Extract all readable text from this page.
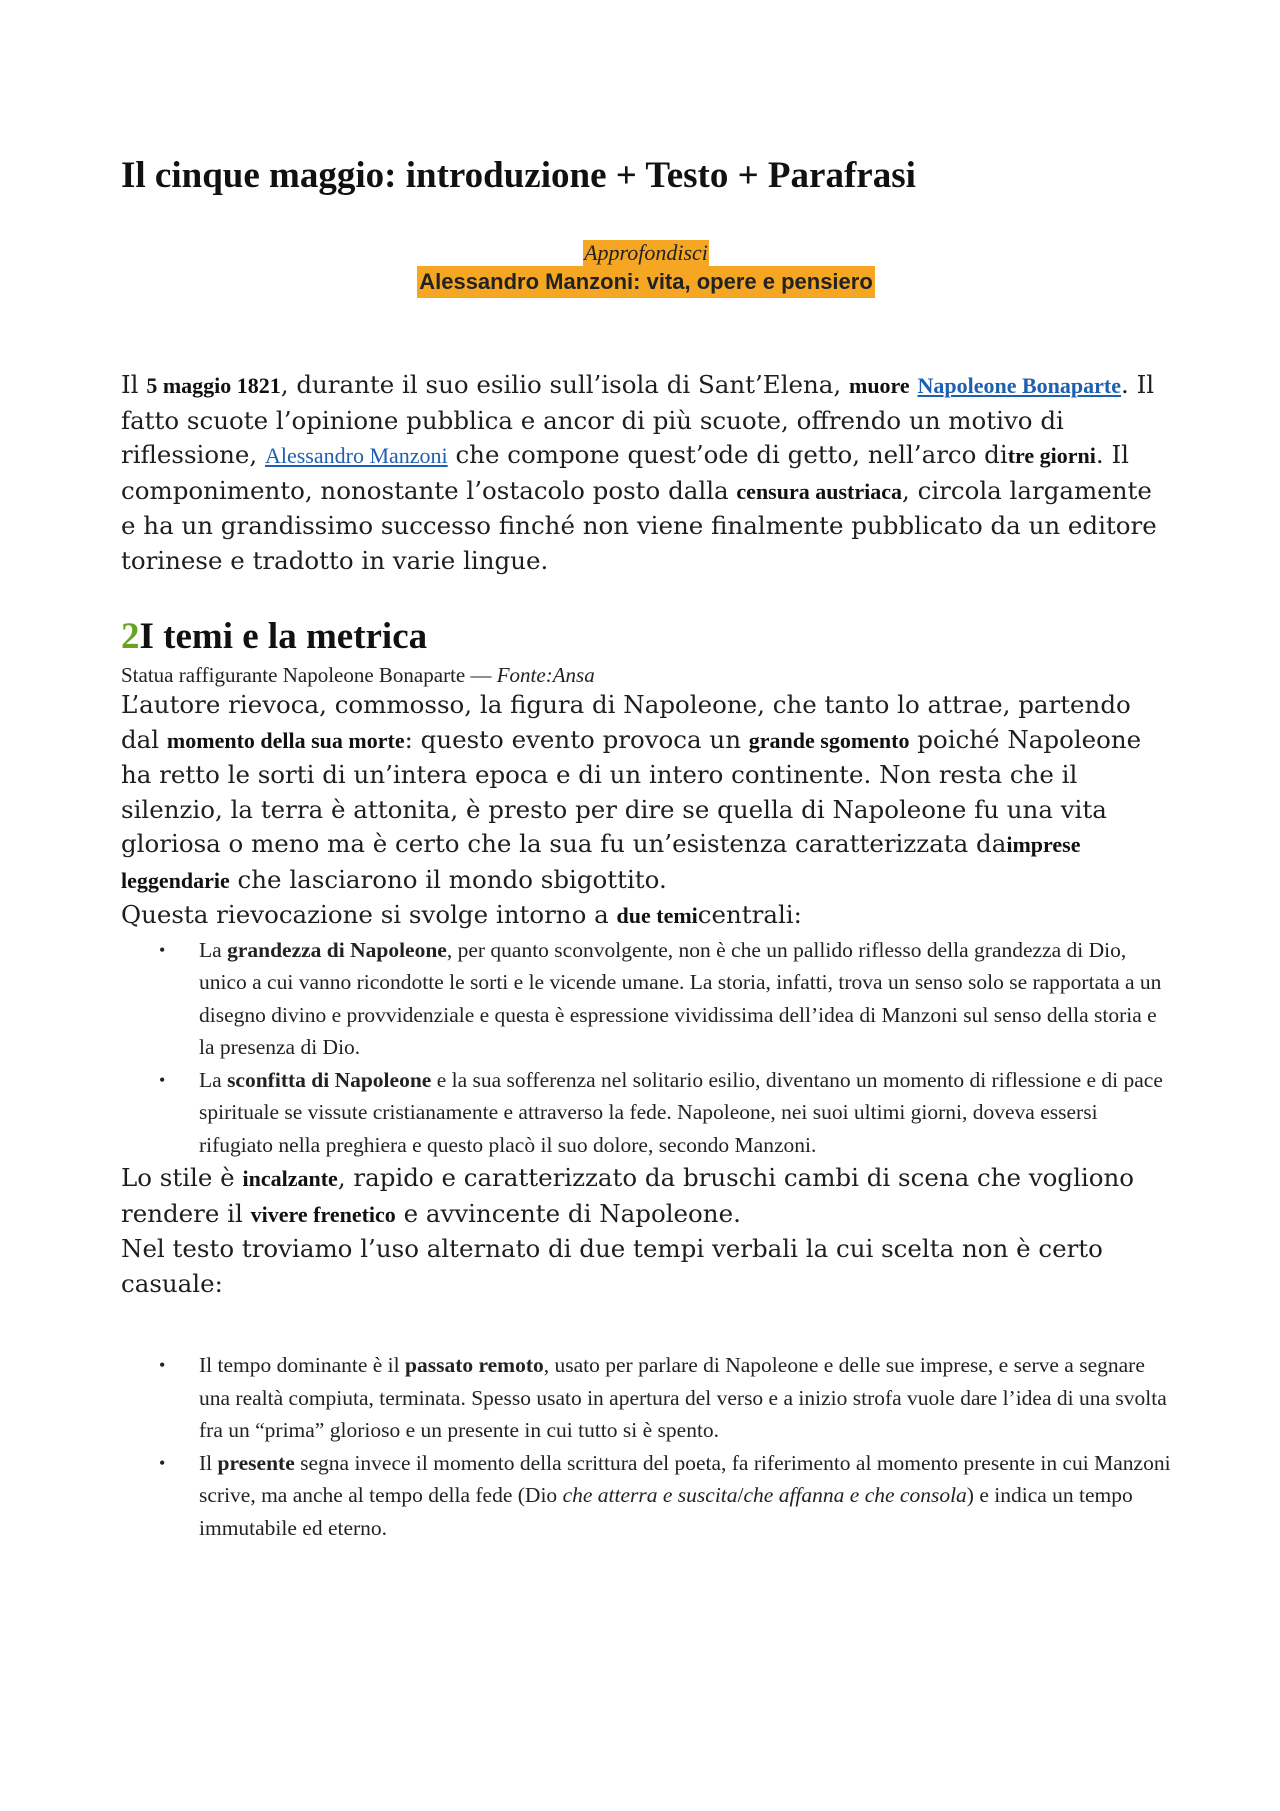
Il cinque maggio: introduzione + Testo + Parafrasi
Approfondisci
Alessandro Manzoni: vita, opere e pensiero

Il 5 maggio 1821, durante il suo esilio sull’isola di Sant’Elena, muore Napoleone Bonaparte. Il fatto scuote l’opinione pubblica e ancor di più scuote, offrendo un motivo di riflessione, Alessandro Manzoni che compone quest’ode di getto, nell’arco ditre giorni. Il componimento, nonostante l’ostacolo posto dalla censura austriaca, circola largamente e ha un grandissimo successo finché non viene finalmente pubblicato da un editore torinese e tradotto in varie lingue.

2I temi e la metrica
Statua raffigurante Napoleone Bonaparte — Fonte:Ansa

L’autore rievoca, commosso, la figura di Napoleone, che tanto lo attrae, partendo dal momento della sua morte: questo evento provoca un grande sgomento poiché Napoleone ha retto le sorti di un’intera epoca e di un intero continente. Non resta che il silenzio, la terra è attonita, è presto per dire se quella di Napoleone fu una vita gloriosa o meno ma è certo che la sua fu un’esistenza caratterizzata daimprese leggendarie che lasciarono il mondo sbigottito.

Questa rievocazione si svolge intorno a due temicentrali:

• La grandezza di Napoleone, per quanto sconvolgente, non è che un pallido riflesso della grandezza di Dio, unico a cui vanno ricondotte le sorti e le vicende umane. La storia, infatti, trova un senso solo se rapportata a un disegno divino e provvidenziale e questa è espressione vividissima dell’idea di Manzoni sul senso della storia e la presenza di Dio.
• La sconfitta di Napoleone e la sua sofferenza nel solitario esilio, diventano un momento di riflessione e di pace spirituale se vissute cristianamente e attraverso la fede. Napoleone, nei suoi ultimi giorni, doveva essersi rifugiato nella preghiera e questo placò il suo dolore, secondo Manzoni.

Lo stile è incalzante, rapido e caratterizzato da bruschi cambi di scena che vogliono rendere il vivere frenetico e avvincente di Napoleone.

Nel testo troviamo l’uso alternato di due tempi verbali la cui scelta non è certo casuale:

• Il tempo dominante è il passato remoto, usato per parlare di Napoleone e delle sue imprese, e serve a segnare una realtà compiuta, terminata. Spesso usato in apertura del verso e a inizio strofa vuole dare l’idea di una svolta fra un “prima” glorioso e un presente in cui tutto si è spento.
• Il presente segna invece il momento della scrittura del poeta, fa riferimento al momento presente in cui Manzoni scrive, ma anche al tempo della fede (Dio che atterra e suscita/che affanna e che consola) e indica un tempo immutabile ed eterno.
